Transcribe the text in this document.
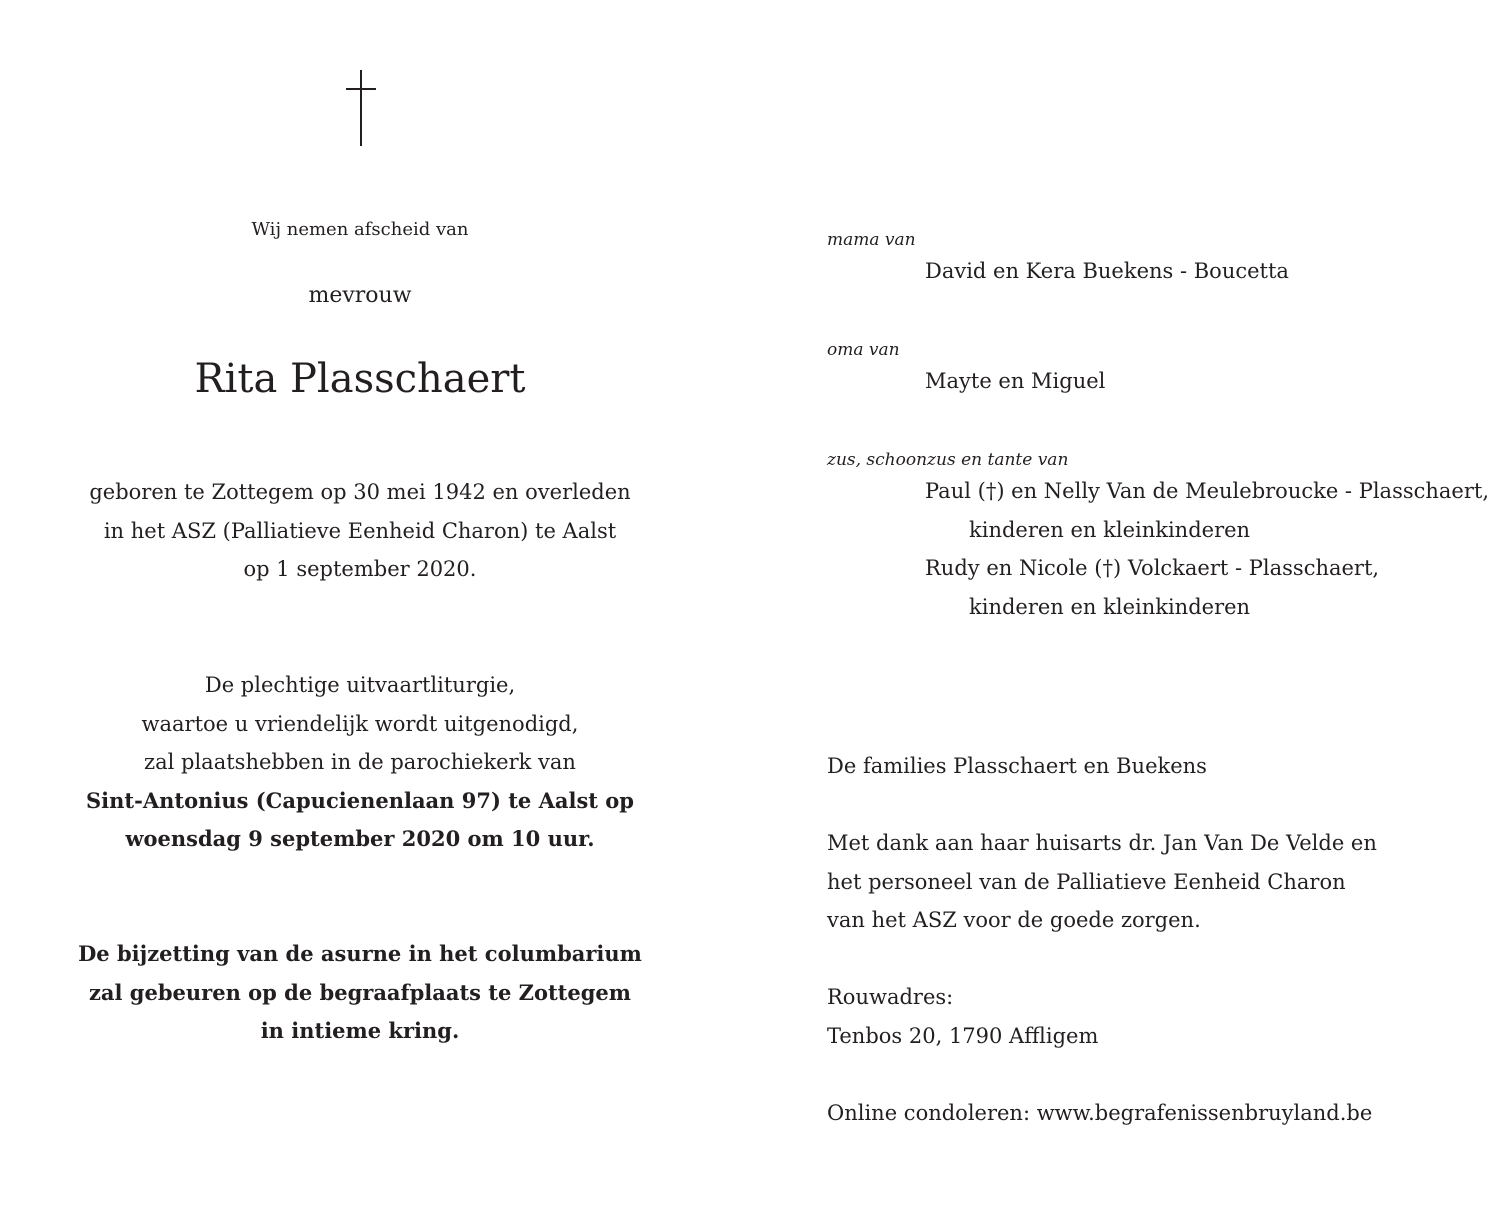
Wij nemen afscheid van
mevrouw
Rita Plasschaert
geboren te Zottegem op 30 mei 1942 en overleden
in het ASZ (Palliatieve Eenheid Charon) te Aalst
op 1 september 2020.
De plechtige uitvaartliturgie,
waartoe u vriendelijk wordt uitgenodigd,
zal plaatshebben in de parochiekerk van
Sint-Antonius (Capucienenlaan 97) te Aalst op
woensdag 9 september 2020 om 10 uur.
De bijzetting van de asurne in het columbarium
zal gebeuren op de begraafplaats te Zottegem
in intieme kring.
mama van
David en Kera Buekens - Boucetta
oma van
Mayte en Miguel
zus, schoonzus en tante van
Paul (†) en Nelly Van de Meulebroucke - Plasschaert,
kinderen en kleinkinderen
Rudy en Nicole (†) Volckaert - Plasschaert,
kinderen en kleinkinderen
De families Plasschaert en Buekens
Met dank aan haar huisarts dr. Jan Van De Velde en
het personeel van de Palliatieve Eenheid Charon
van het ASZ voor de goede zorgen.
Rouwadres:
Tenbos 20, 1790 Affligem
Online condoleren: www.begrafenissenbruyland.be
